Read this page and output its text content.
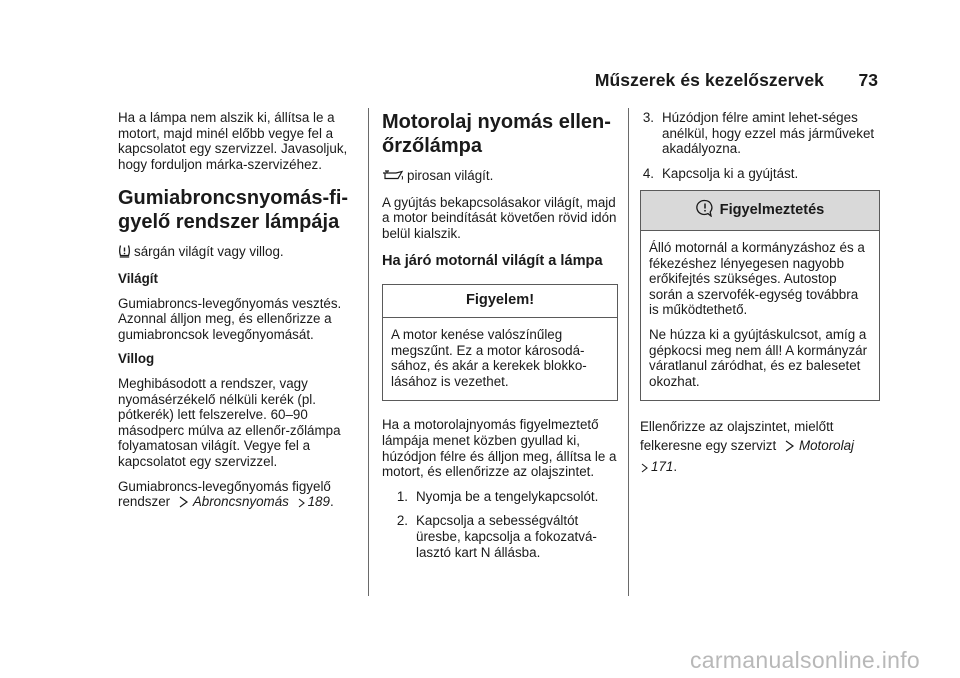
Műszerek és kezelőszervek 73

Ha a lámpa nem alszik ki, állítsa le a motort, majd minél előbb vegye fel a kapcsolatot egy szervizzel. Javasoljuk, hogy forduljon márka-szervizéhez.

Gumiabroncsnyomás-fi-gyelő rendszer lámpája

sárgán világít vagy villog.

Világít

Gumiabroncs-levegőnyomás vesztés. Azonnal álljon meg, és ellenőrizze a gumiabroncsok levegőnyomását.

Villog

Meghibásodott a rendszer, vagy nyomásérzékelő nélküli kerék (pl. pótkerék) lett felszerelve. 60–90 másodperc múlva az ellenőr-zőlámpa folyamatosan világít. Vegye fel a kapcsolatot egy szervizzel.

Gumiabroncs-levegőnyomás figyelő rendszer Abroncsnyomás 189.

Motorolaj nyomás ellen-őrzőlámpa

pirosan világít.

A gyújtás bekapcsolásakor világít, majd a motor beindítását követően rövid idón belül kialszik.

Ha járó motornál világít a lámpa
Figyelem!

A motor kenése valószínűleg megszűnt. Ez a motor károsodá-sához, és akár a kerekek blokko-lásához is vezethet.

Ha a motorolajnyomás figyelmeztető lámpája menet közben gyullad ki, húzódjon félre és álljon meg, állítsa le a motort, és ellenőrizze az olajszintet.

1. Nyomja be a tengelykapcsolót.
2. Kapcsolja a sebességváltót üresbe, kapcsolja a fokozatvá-lasztó kart N állásba.
3. Húzódjon félre amint lehet-séges anélkül, hogy ezzel más járműveket akadályozna.
4. Kapcsolja ki a gyújtást.
Figyelmeztetés

Álló motornál a kormányzáshoz és a fékezéshez lényegesen nagyobb erőkifejtés szükséges. Autostop során a szervofék-egység továbbra is működtethető.

Ne húzza ki a gyújtáskulcsot, amíg a gépkocsi meg nem áll! A kormányzár váratlanul záródhat, és ez balesetet okozhat.

Ellenőrizze az olajszintet, mielőtt felkeresne egy szervizt Motorolaj
171.

carmanualsonline.info
